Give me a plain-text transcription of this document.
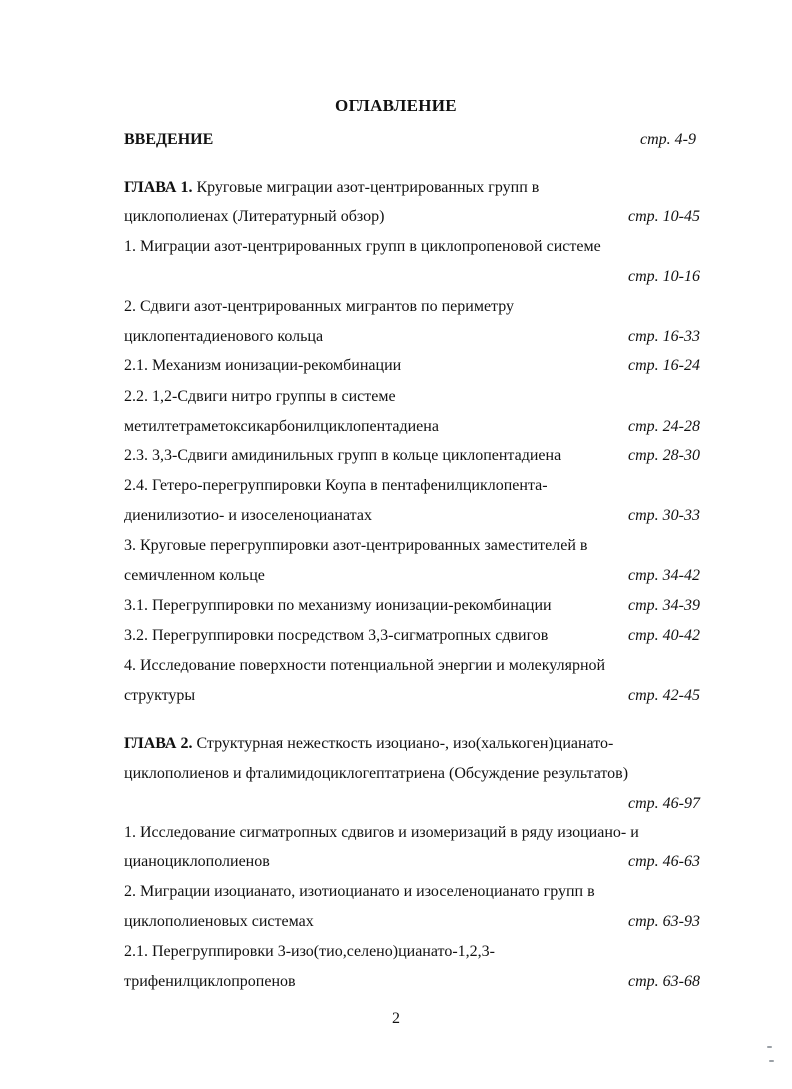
ОГЛАВЛЕНИЕ
ВВЕДЕНИЕ	стр. 4-9
ГЛАВА 1. Круговые миграции азот-центрированных групп в
циклополиенах (Литературный обзор)	стр. 10-45
1. Миграции азот-центрированных групп в циклопропеновой системе
стр. 10-16
2. Сдвиги азот-центрированных мигрантов по периметру
циклопентадиенового кольца	стр. 16-33
2.1. Механизм ионизации-рекомбинации	стр. 16-24
2.2. 1,2-Сдвиги нитро группы в системе
метилтетраметоксикарбонилциклопентадиена	стр. 24-28
2.3. 3,3-Сдвиги амидинильных групп в кольце циклопентадиена	стр. 28-30
2.4. Гетеро-перегруппировки Коупа в пентафенилциклопента-
диенилизотио- и изоселеноцианатах	стр. 30-33
3. Круговые перегруппировки азот-центрированных заместителей в
семичленном кольце	стр. 34-42
3.1. Перегруппировки по механизму ионизации-рекомбинации	стр. 34-39
3.2. Перегруппировки посредством 3,3-сигматропных сдвигов	стр. 40-42
4. Исследование поверхности потенциальной энергии и молекулярной
структуры	стр. 42-45
ГЛАВА 2. Структурная нежесткость изоциано-, изо(халькоген)цианато-
циклополиенов и фталимидоциклогептатриена (Обсуждение результатов)
стр. 46-97
1. Исследование сигматропных сдвигов и изомеризаций в ряду изоциано- и
цианоциклополиенов	стр. 46-63
2. Миграции изоцианато, изотиоцианато и изоселеноцианато групп в
циклополиеновых системах	стр. 63-93
2.1. Перегруппировки 3-изо(тио,селено)цианато-1,2,3-
трифенилциклопропенов	стр. 63-68
2
